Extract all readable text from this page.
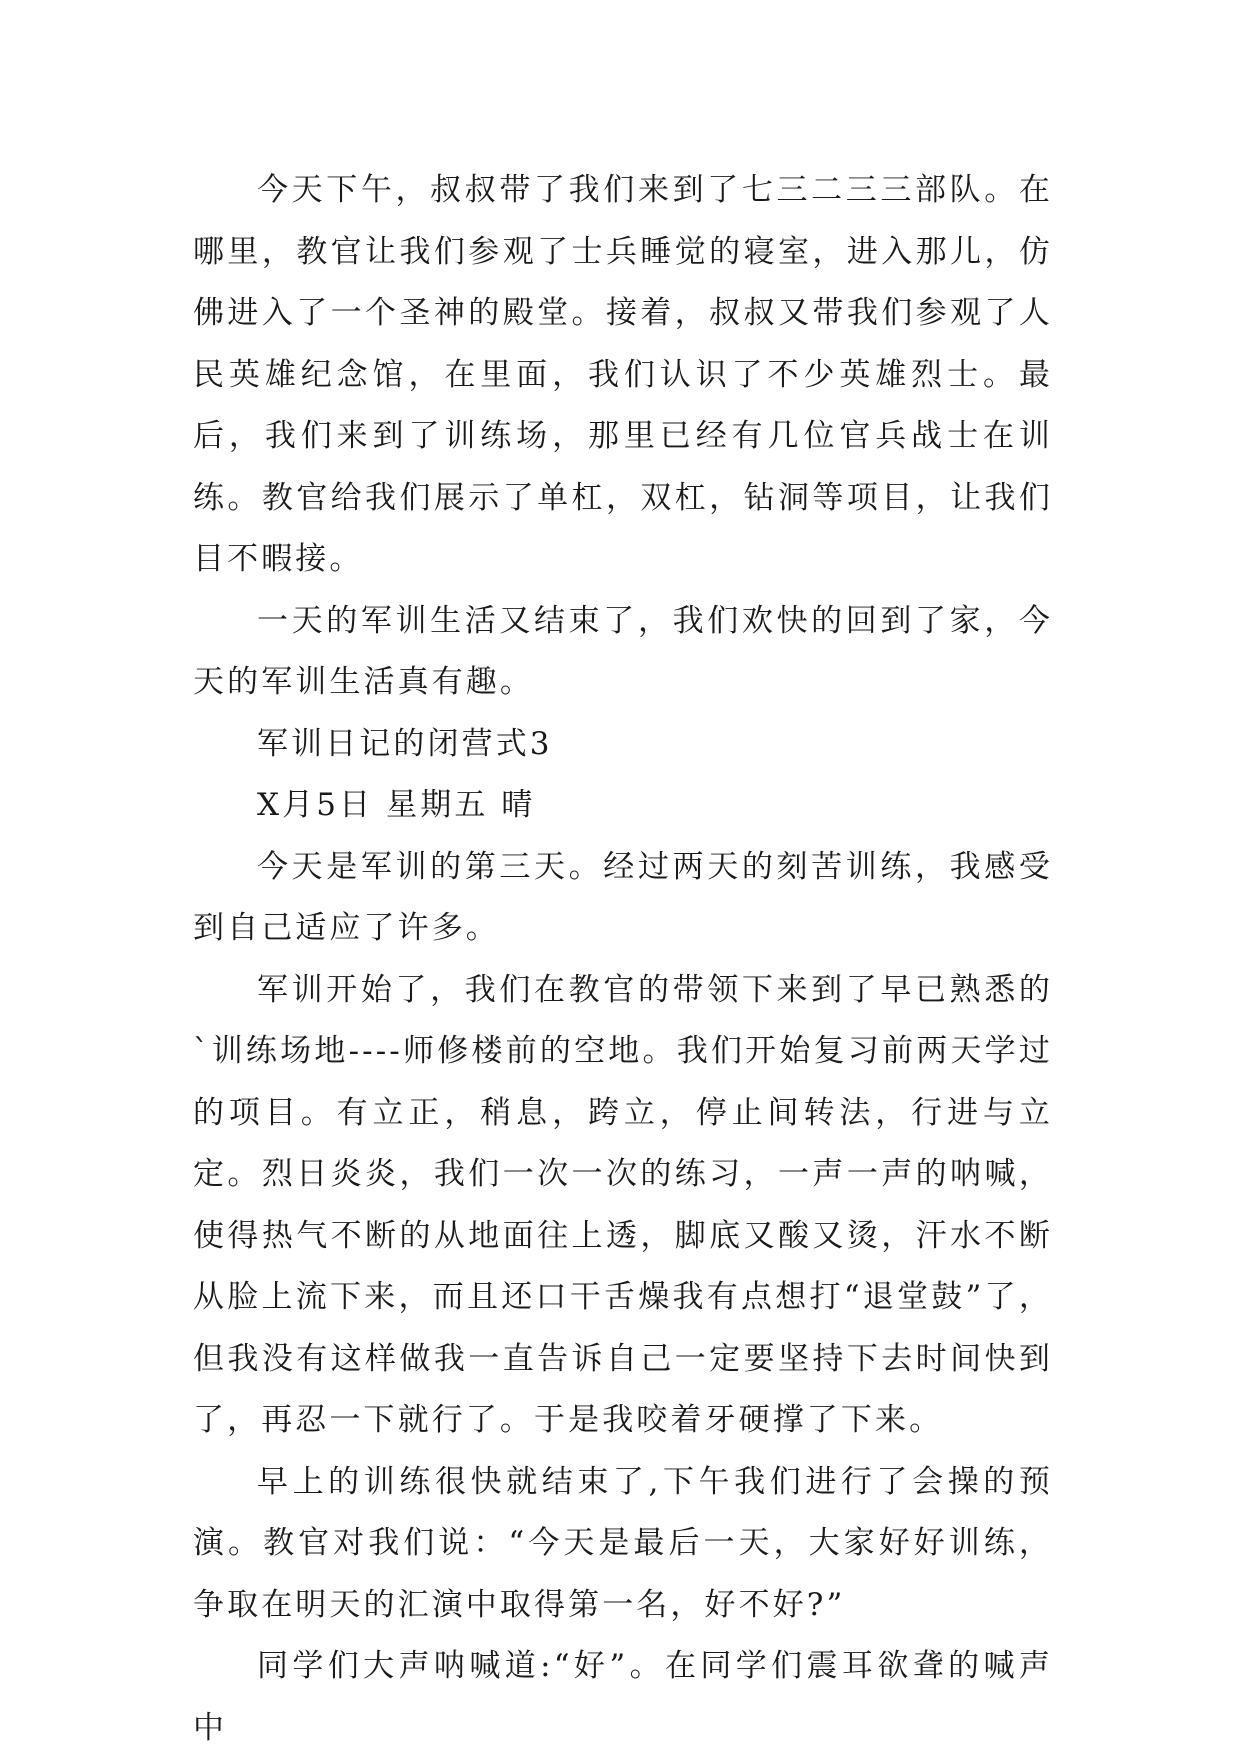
今天下午，叔叔带了我们来到了七三二三三部队。在哪里，教官让我们参观了士兵睡觉的寝室，进入那儿，仿佛进入了一个圣神的殿堂。接着，叔叔又带我们参观了人民英雄纪念馆，在里面，我们认识了不少英雄烈士。最后，我们来到了训练场，那里已经有几位官兵战士在训练。教官给我们展示了单杠，双杠，钻洞等项目，让我们目不暇接。

一天的军训生活又结束了，我们欢快的回到了家，今天的军训生活真有趣。

军训日记的闭营式3

X月5日 星期五 晴

今天是军训的第三天。经过两天的刻苦训练，我感受到自己适应了许多。

军训开始了，我们在教官的带领下来到了早已熟悉的`训练场地----师修楼前的空地。我们开始复习前两天学过的项目。有立正，稍息，跨立，停止间转法，行进与立定。烈日炎炎，我们一次一次的练习，一声一声的呐喊，使得热气不断的从地面往上透，脚底又酸又烫，汗水不断从脸上流下来，而且还口干舌燥我有点想打“退堂鼓”了，但我没有这样做我一直告诉自己一定要坚持下去时间快到了，再忍一下就行了。于是我咬着牙硬撑了下来。

早上的训练很快就结束了,下午我们进行了会操的预演。教官对我们说：“今天是最后一天，大家好好训练，争取在明天的汇演中取得第一名，好不好?”

同学们大声呐喊道:“好”。在同学们震耳欲聋的喊声中
